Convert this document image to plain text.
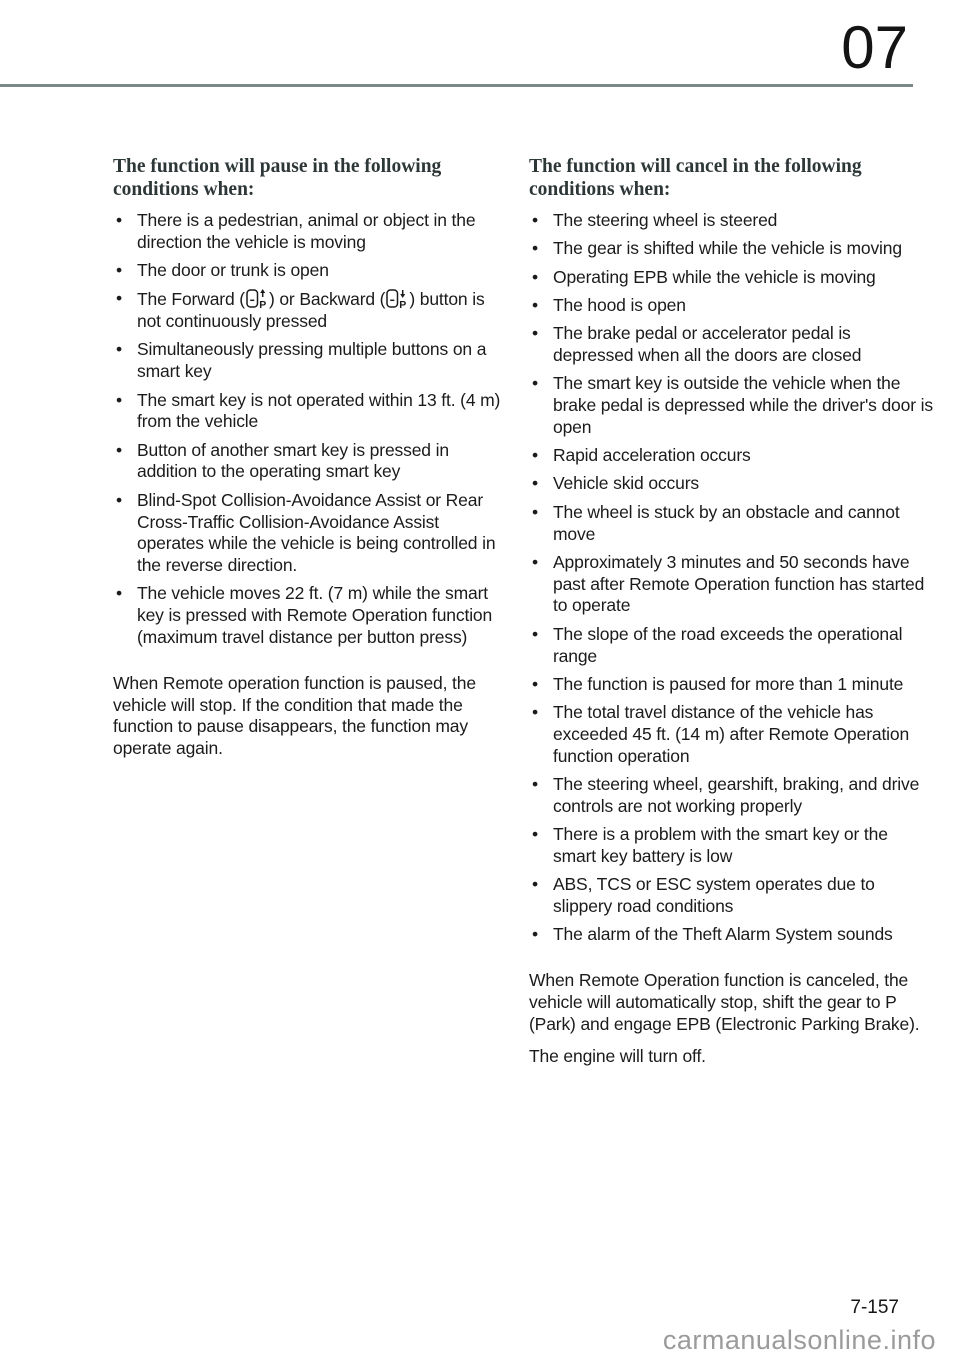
07
The function will pause in the following conditions when:
• There is a pedestrian, animal or object in the direction the vehicle is moving
• The door or trunk is open
• The Forward ( P ) or Backward ( P ) button is not continuously pressed
• Simultaneously pressing multiple buttons on a smart key
• The smart key is not operated within 13 ft. (4 m) from the vehicle
• Button of another smart key is pressed in addition to the operating smart key
• Blind-Spot Collision-Avoidance Assist or Rear Cross-Traffic Collision-Avoidance Assist operates while the vehicle is being controlled in the reverse direction.
• The vehicle moves 22 ft. (7 m) while the smart key is pressed with Remote Operation function (maximum travel distance per button press)

When Remote operation function is paused, the vehicle will stop. If the condition that made the function to pause disappears, the function may operate again.

The function will cancel in the following conditions when:
• The steering wheel is steered
• The gear is shifted while the vehicle is moving
• Operating EPB while the vehicle is moving
• The hood is open
• The brake pedal or accelerator pedal is depressed when all the doors are closed
• The smart key is outside the vehicle when the brake pedal is depressed while the driver's door is open
• Rapid acceleration occurs
• Vehicle skid occurs
• The wheel is stuck by an obstacle and cannot move
• Approximately 3 minutes and 50 seconds have past after Remote Operation function has started to operate
• The slope of the road exceeds the operational range
• The function is paused for more than 1 minute
• The total travel distance of the vehicle has exceeded 45 ft. (14 m) after Remote Operation function operation
• The steering wheel, gearshift, braking, and drive controls are not working properly
• There is a problem with the smart key or the smart key battery is low
• ABS, TCS or ESC system operates due to slippery road conditions
• The alarm of the Theft Alarm System sounds

When Remote Operation function is canceled, the vehicle will automatically stop, shift the gear to P (Park) and engage EPB (Electronic Parking Brake).

The engine will turn off.

7-157
carmanualsonline.info
